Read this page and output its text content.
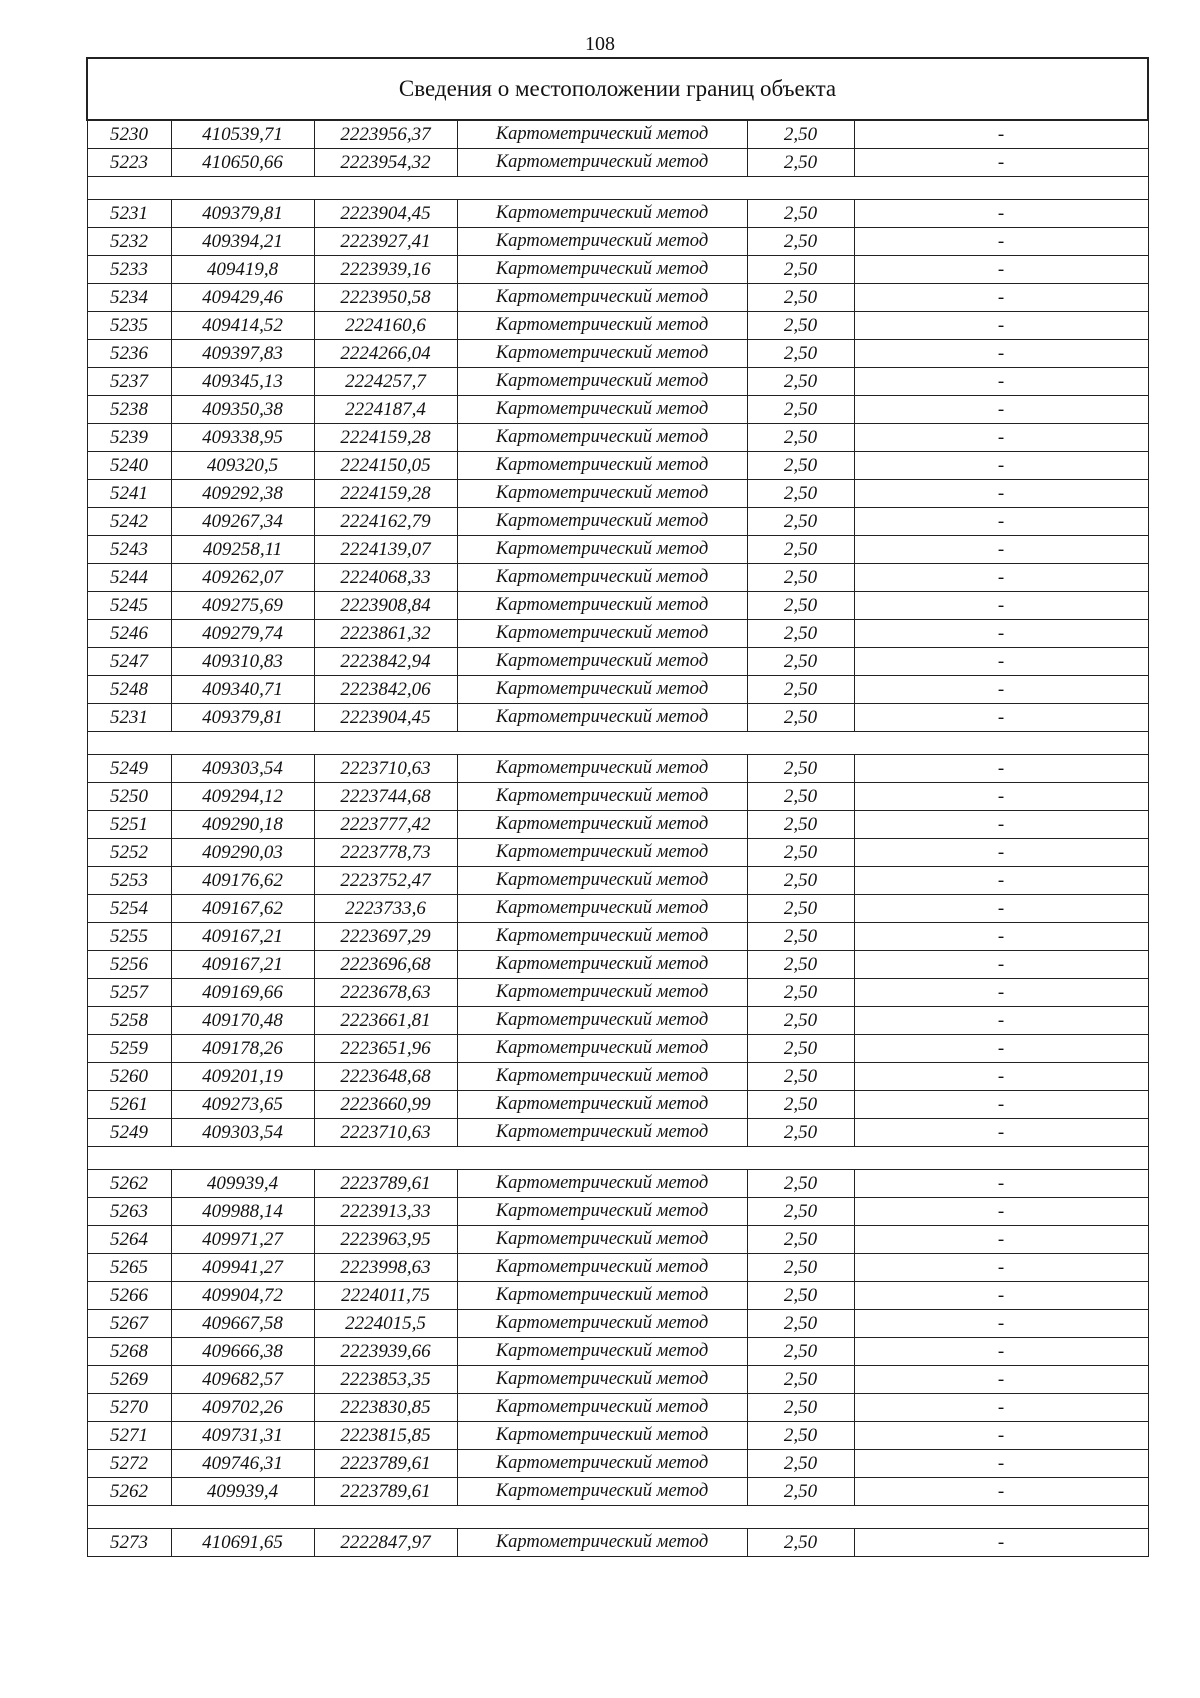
108
Сведения о местоположении границ объекта					
5230	410539,71	2223956,37	Картометрический метод	2,50	-
5223	410650,66	2223954,32	Картометрический метод	2,50	-

5231	409379,81	2223904,45	Картометрический метод	2,50	-
5232	409394,21	2223927,41	Картометрический метод	2,50	-
5233	409419,8	2223939,16	Картометрический метод	2,50	-
5234	409429,46	2223950,58	Картометрический метод	2,50	-
5235	409414,52	2224160,6	Картометрический метод	2,50	-
5236	409397,83	2224266,04	Картометрический метод	2,50	-
5237	409345,13	2224257,7	Картометрический метод	2,50	-
5238	409350,38	2224187,4	Картометрический метод	2,50	-
5239	409338,95	2224159,28	Картометрический метод	2,50	-
5240	409320,5	2224150,05	Картометрический метод	2,50	-
5241	409292,38	2224159,28	Картометрический метод	2,50	-
5242	409267,34	2224162,79	Картометрический метод	2,50	-
5243	409258,11	2224139,07	Картометрический метод	2,50	-
5244	409262,07	2224068,33	Картометрический метод	2,50	-
5245	409275,69	2223908,84	Картометрический метод	2,50	-
5246	409279,74	2223861,32	Картометрический метод	2,50	-
5247	409310,83	2223842,94	Картометрический метод	2,50	-
5248	409340,71	2223842,06	Картометрический метод	2,50	-
5231	409379,81	2223904,45	Картометрический метод	2,50	-

5249	409303,54	2223710,63	Картометрический метод	2,50	-
5250	409294,12	2223744,68	Картометрический метод	2,50	-
5251	409290,18	2223777,42	Картометрический метод	2,50	-
5252	409290,03	2223778,73	Картометрический метод	2,50	-
5253	409176,62	2223752,47	Картометрический метод	2,50	-
5254	409167,62	2223733,6	Картометрический метод	2,50	-
5255	409167,21	2223697,29	Картометрический метод	2,50	-
5256	409167,21	2223696,68	Картометрический метод	2,50	-
5257	409169,66	2223678,63	Картометрический метод	2,50	-
5258	409170,48	2223661,81	Картометрический метод	2,50	-
5259	409178,26	2223651,96	Картометрический метод	2,50	-
5260	409201,19	2223648,68	Картометрический метод	2,50	-
5261	409273,65	2223660,99	Картометрический метод	2,50	-
5249	409303,54	2223710,63	Картометрический метод	2,50	-

5262	409939,4	2223789,61	Картометрический метод	2,50	-
5263	409988,14	2223913,33	Картометрический метод	2,50	-
5264	409971,27	2223963,95	Картометрический метод	2,50	-
5265	409941,27	2223998,63	Картометрический метод	2,50	-
5266	409904,72	2224011,75	Картометрический метод	2,50	-
5267	409667,58	2224015,5	Картометрический метод	2,50	-
5268	409666,38	2223939,66	Картометрический метод	2,50	-
5269	409682,57	2223853,35	Картометрический метод	2,50	-
5270	409702,26	2223830,85	Картометрический метод	2,50	-
5271	409731,31	2223815,85	Картометрический метод	2,50	-
5272	409746,31	2223789,61	Картометрический метод	2,50	-
5262	409939,4	2223789,61	Картометрический метод	2,50	-

5273	410691,65	2222847,97	Картометрический метод	2,50	-
